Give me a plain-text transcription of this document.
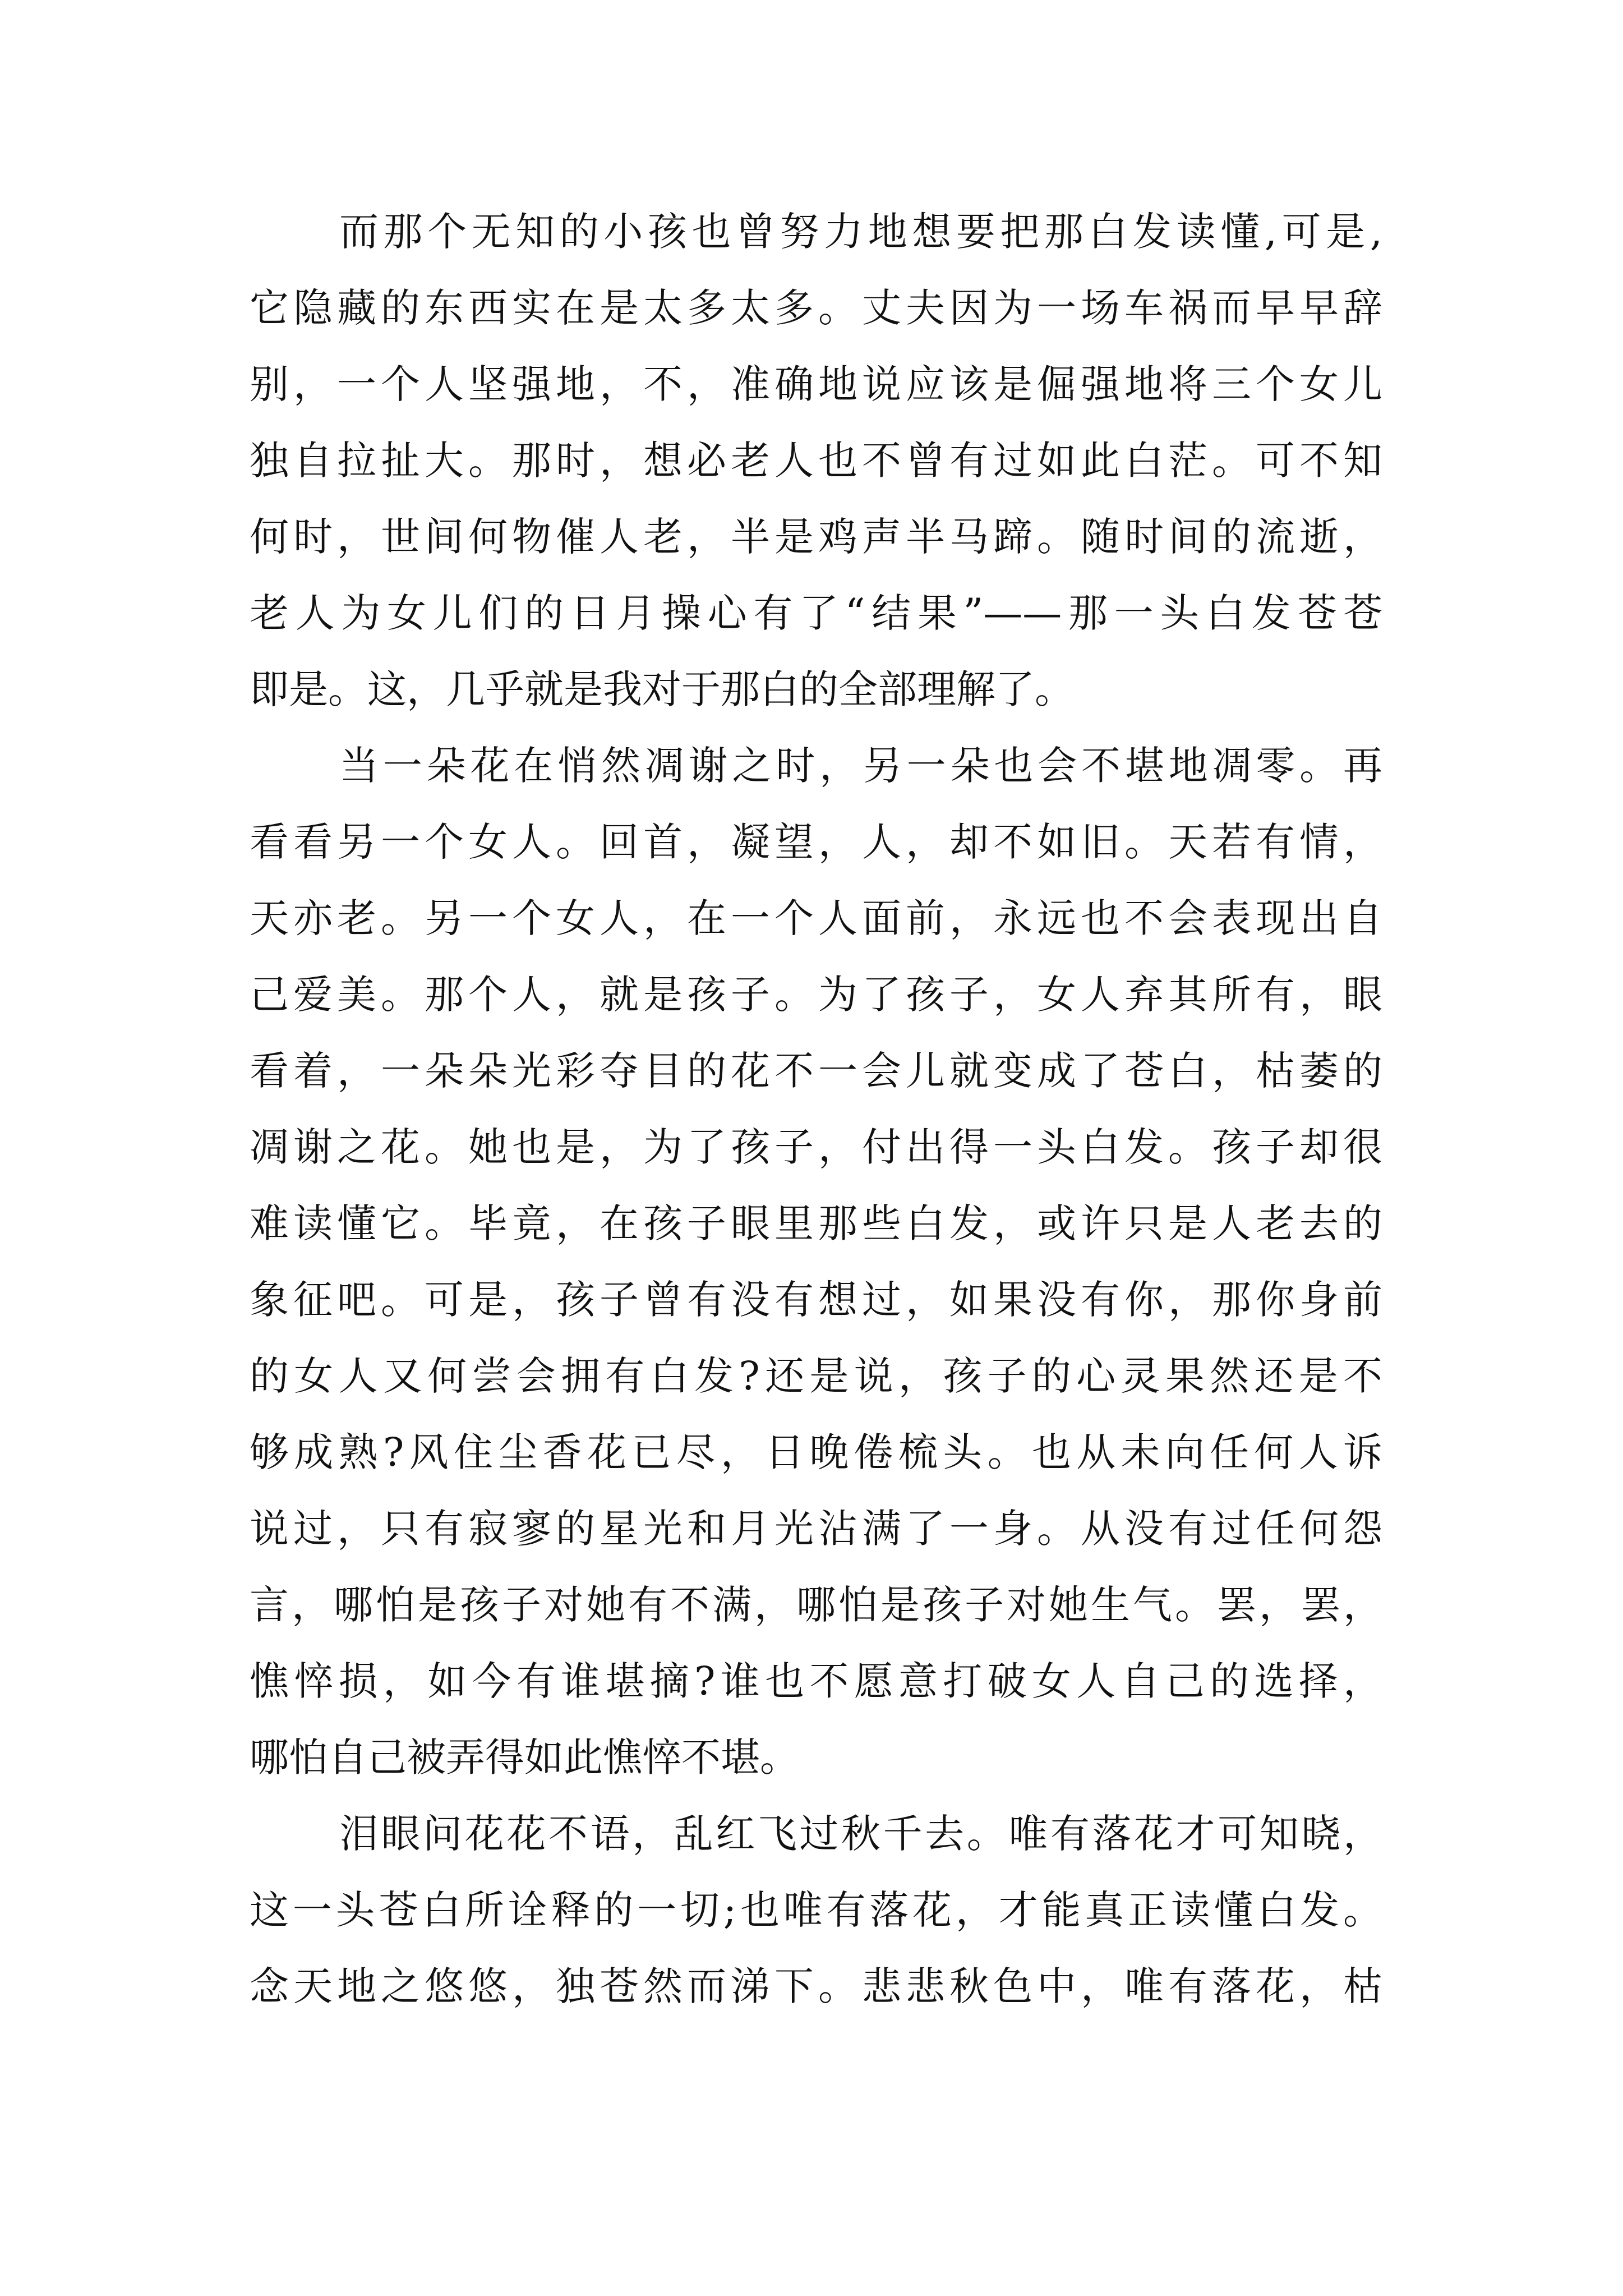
而那个无知的小孩也曾努力地想要把那白发读懂,可是,
它隐藏的东西实在是太多太多。丈夫因为一场车祸而早早辞
别，一个人坚强地，不，准确地说应该是倔强地将三个女儿
独自拉扯大。那时，想必老人也不曾有过如此白茫。可不知
何时，世间何物催人老，半是鸡声半马蹄。随时间的流逝，
老人为女儿们的日月操心有了“结果”——那一头白发苍苍
即是。这，几乎就是我对于那白的全部理解了。
当一朵花在悄然凋谢之时，另一朵也会不堪地凋零。再
看看另一个女人。回首，凝望，人，却不如旧。天若有情，
天亦老。另一个女人，在一个人面前，永远也不会表现出自
己爱美。那个人，就是孩子。为了孩子，女人弃其所有，眼
看着，一朵朵光彩夺目的花不一会儿就变成了苍白，枯萎的
凋谢之花。她也是，为了孩子，付出得一头白发。孩子却很
难读懂它。毕竟，在孩子眼里那些白发，或许只是人老去的
象征吧。可是，孩子曾有没有想过，如果没有你，那你身前
的女人又何尝会拥有白发?还是说，孩子的心灵果然还是不
够成熟?风住尘香花已尽，日晚倦梳头。也从未向任何人诉
说过，只有寂寥的星光和月光沾满了一身。从没有过任何怨
言，哪怕是孩子对她有不满，哪怕是孩子对她生气。罢，罢，
憔悴损，如今有谁堪摘?谁也不愿意打破女人自己的选择，
哪怕自己被弄得如此憔悴不堪。
泪眼问花花不语，乱红飞过秋千去。唯有落花才可知晓，
这一头苍白所诠释的一切;也唯有落花，才能真正读懂白发。
念天地之悠悠，独苍然而涕下。悲悲秋色中，唯有落花，枯
